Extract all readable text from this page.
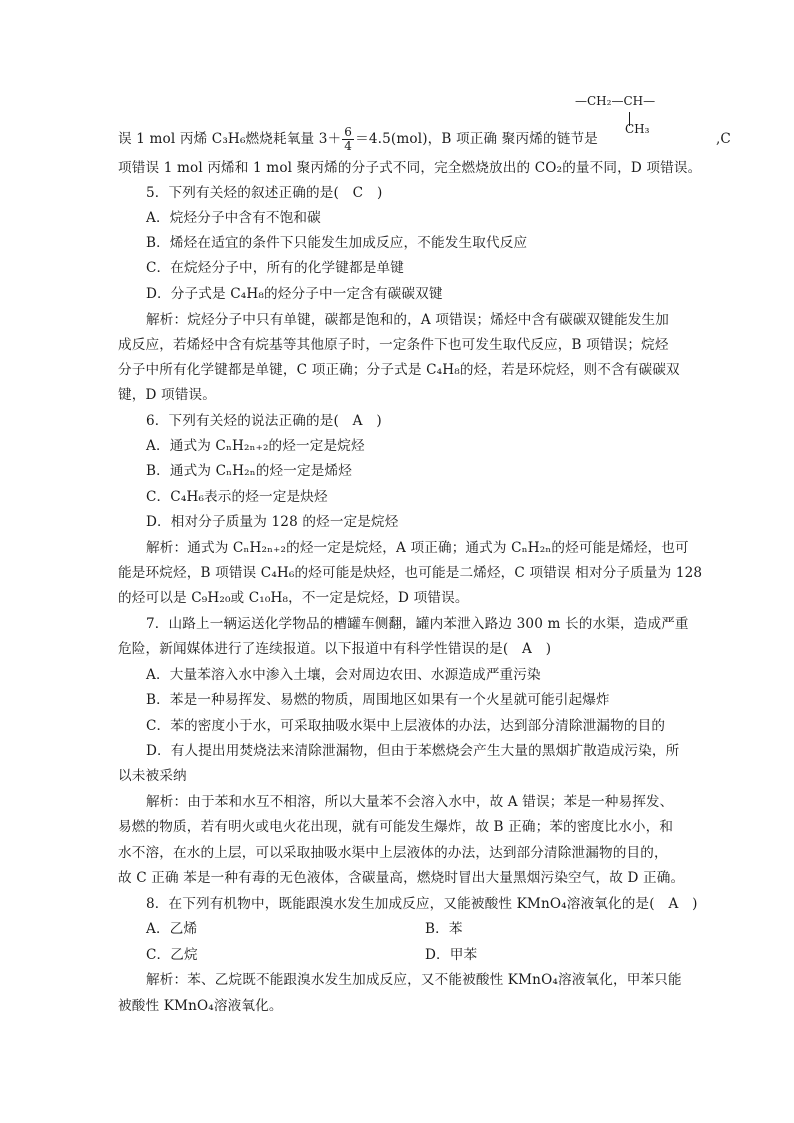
—CH₂—CH—
CH₃
误 1 mol 丙烯 C₃H₆燃烧耗氧量 $3+ \frac{6}{4} =4.5(mol)$，B 项正确 聚丙烯的链节是	,C
项错误 1 mol 丙烯和 1 mol 聚丙烯的分子式不同，完全燃烧放出的 CO₂的量不同，D 项错误。
5．下列有关烃的叙述正确的是(　C　)
A．烷烃分子中含有不饱和碳
B．烯烃在适宜的条件下只能发生加成反应，不能发生取代反应
C．在烷烃分子中，所有的化学键都是单键
D．分子式是 C₄H₈的烃分子中一定含有碳碳双键
解析：烷烃分子中只有单键，碳都是饱和的，A 项错误；烯烃中含有碳碳双键能发生加
成反应，若烯烃中含有烷基等其他原子时，一定条件下也可发生取代反应，B 项错误；烷烃
分子中所有化学键都是单键，C 项正确；分子式是 C₄H₈的烃，若是环烷烃，则不含有碳碳双
键，D 项错误。
6．下列有关烃的说法正确的是(　A　)
A．通式为 CₙH₂ₙ₊₂的烃一定是烷烃
B．通式为 CₙH₂ₙ的烃一定是烯烃
C．C₄H₆表示的烃一定是炔烃
D．相对分子质量为 128 的烃一定是烷烃
解析：通式为 CₙH₂ₙ₊₂的烃一定是烷烃，A 项正确；通式为 CₙH₂ₙ的烃可能是烯烃，也可
能是环烷烃，B 项错误 C₄H₆的烃可能是炔烃，也可能是二烯烃，C 项错误 相对分子质量为 128
的烃可以是 C₉H₂₀或 C₁₀H₈，不一定是烷烃，D 项错误。
7．山路上一辆运送化学物品的槽罐车侧翻，罐内苯泄入路边 300 m 长的水渠，造成严重
危险，新闻媒体进行了连续报道。以下报道中有科学性错误的是(　A　)
A．大量苯溶入水中渗入土壤，会对周边农田、水源造成严重污染
B．苯是一种易挥发、易燃的物质，周围地区如果有一个火星就可能引起爆炸
C．苯的密度小于水，可采取抽吸水渠中上层液体的办法，达到部分清除泄漏物的目的
D．有人提出用焚烧法来清除泄漏物，但由于苯燃烧会产生大量的黑烟扩散造成污染，所
以未被采纳
解析：由于苯和水互不相溶，所以大量苯不会溶入水中，故 A 错误；苯是一种易挥发、
易燃的物质，若有明火或电火花出现，就有可能发生爆炸，故 B 正确；苯的密度比水小，和
水不溶，在水的上层，可以采取抽吸水渠中上层液体的办法，达到部分清除泄漏物的目的，
故 C 正确 苯是一种有毒的无色液体，含碳量高，燃烧时冒出大量黑烟污染空气，故 D 正确。
8．在下列有机物中，既能跟溴水发生加成反应，又能被酸性 KMnO₄溶液氧化的是(　A　)
A．乙烯	B．苯
C．乙烷	D．甲苯
解析：苯、乙烷既不能跟溴水发生加成反应，又不能被酸性 KMnO₄溶液氧化，甲苯只能
被酸性 KMnO₄溶液氧化。
